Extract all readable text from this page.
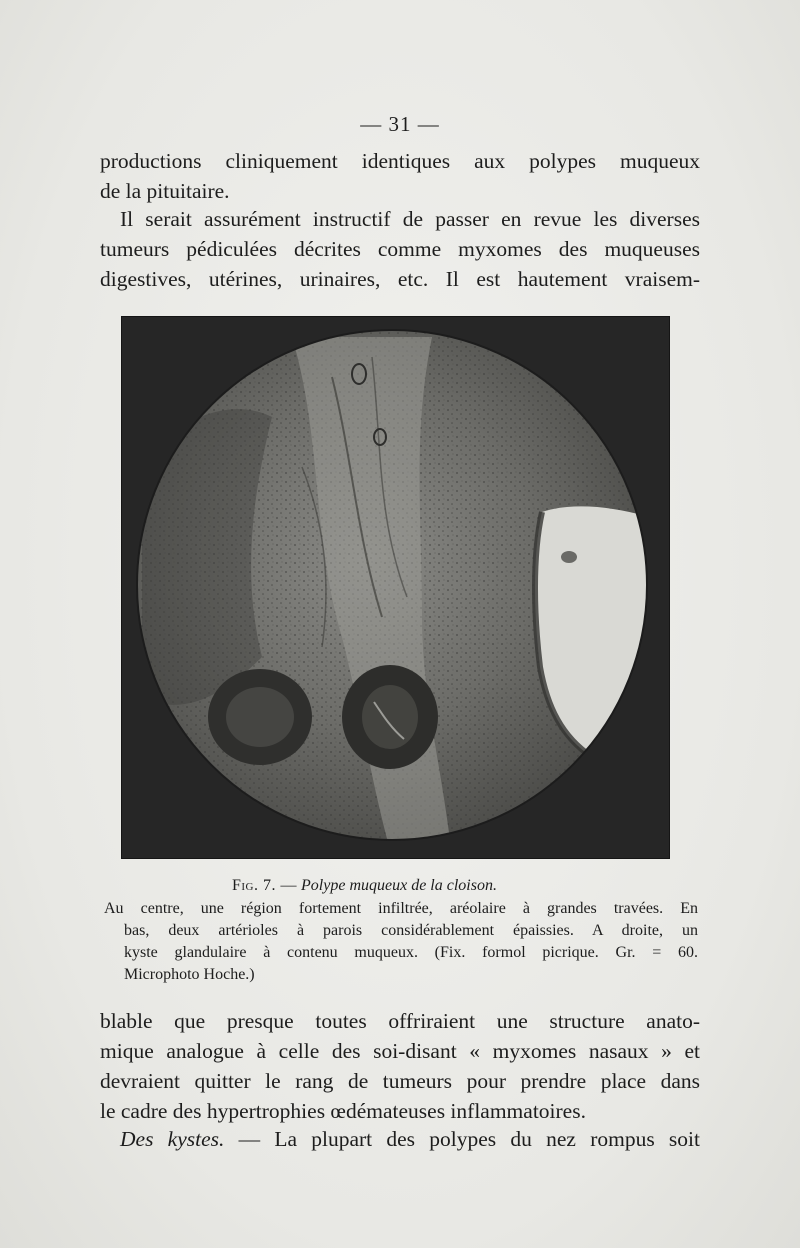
— 31 —
productions cliniquement identiques aux polypes muqueux
de la pituitaire.
Il serait assurément instructif de passer en revue les diverses
tumeurs pédiculées décrites comme myxomes des muqueuses
digestives, utérines, urinaires, etc. Il est hautement vraisem-
Fig. 7. — Polype muqueux de la cloison.
Au centre, une région fortement infiltrée, aréolaire à grandes travées. En
bas, deux artérioles à parois considérablement épaissies. A droite, un
kyste glandulaire à contenu muqueux. (Fix. formol picrique. Gr. = 60.
Microphoto Hoche.)
blable que presque toutes offriraient une structure anato-
mique analogue à celle des soi-disant « myxomes nasaux » et
devraient quitter le rang de tumeurs pour prendre place dans
le cadre des hypertrophies œdémateuses inflammatoires.
Des kystes. — La plupart des polypes du nez rompus soit
